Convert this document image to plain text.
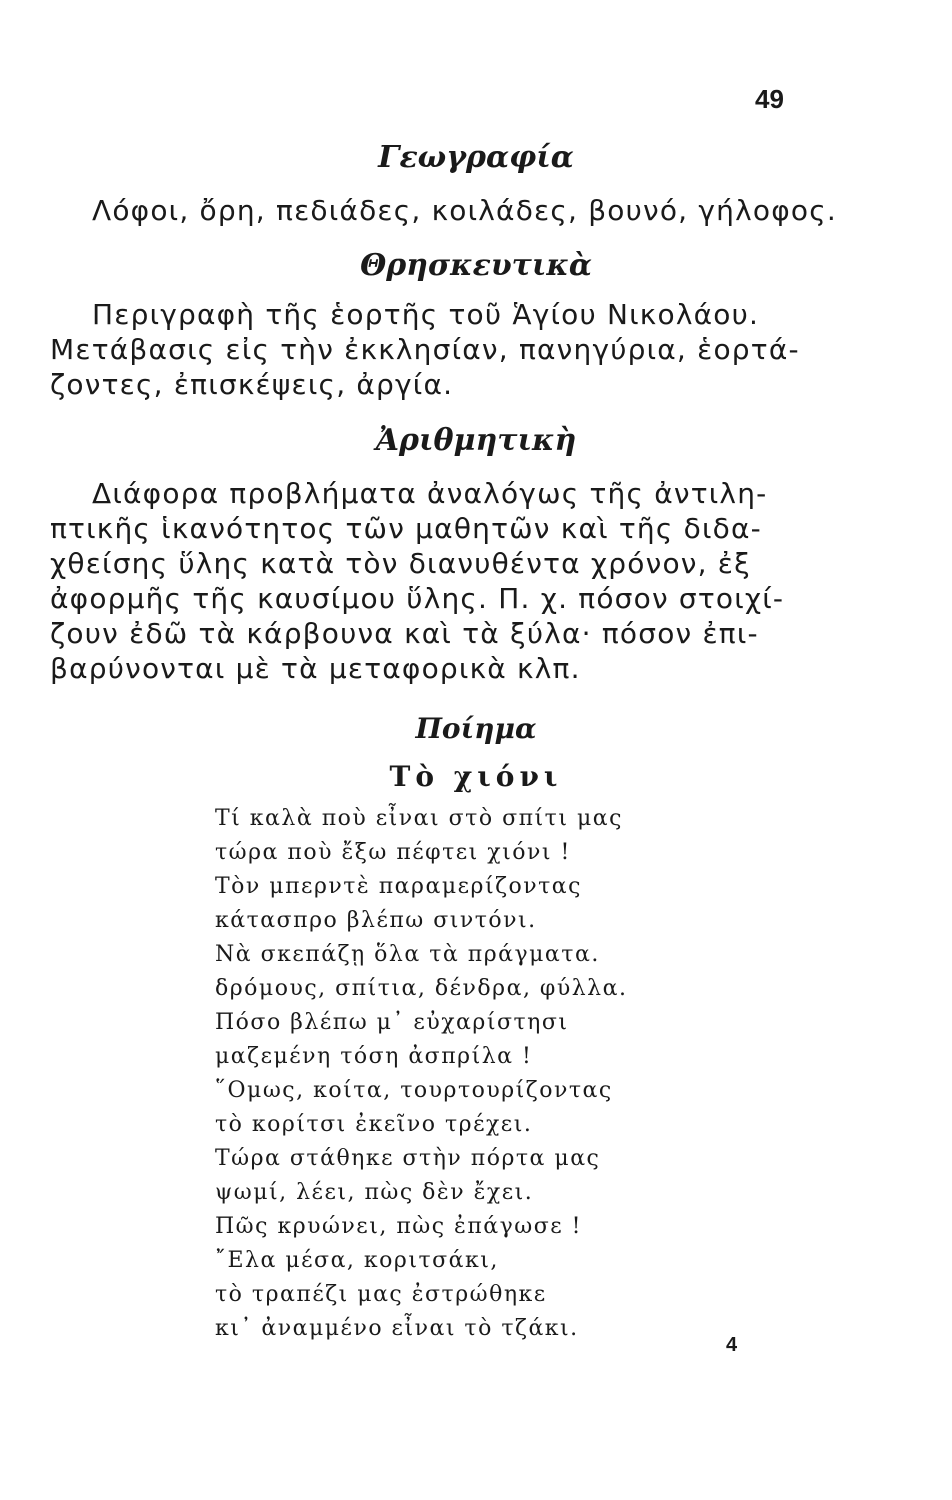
49
Γεωγραφία
Λόφοι, ὄρη, πεδιάδες, κοιλάδες, βουνό, γήλοφος.
Θρησκευτικὰ
Περιγραφὴ τῆς ἑορτῆς τοῦ Ἁγίου Νικολάου.
Μετάβασις εἰς τὴν ἐκκλησίαν, πανηγύρια, ἑορτά-
ζοντες, ἐπισκέψεις, ἀργία.
Ἀριθμητικὴ
Διάφορα προβλήματα ἀναλόγως τῆς ἀντιλη-
πτικῆς ἱκανότητος τῶν μαθητῶν καὶ τῆς διδα-
χθείσης ὕλης κατὰ τὸν διανυθέντα χρόνον, ἐξ
ἀφορμῆς τῆς καυσίμου ὕλης. Π. χ. πόσον στοιχί-
ζουν ἐδῶ τὰ κάρβουνα καὶ τὰ ξύλα· πόσον ἐπι-
βαρύνονται μὲ τὰ μεταφορικὰ κλπ.
Ποίημα
Τὸ χιόνι
Τί καλὰ ποὺ εἶναι στὸ σπίτι μας
τώρα ποὺ ἔξω πέφτει χιόνι !
Τὸν μπερντὲ παραμερίζοντας
κάτασπρο βλέπω σιντόνι.
Νὰ σκεπάζῃ ὅλα τὰ πράγματα.
δρόμους, σπίτια, δένδρα, φύλλα.
Πόσο βλέπω μ᾽ εὐχαρίστησι
μαζεμένη τόση ἀσπρίλα !
῞Ομως, κοίτα, τουρτουρίζοντας
τὸ κορίτσι ἐκεῖνο τρέχει.
Τώρα στάθηκε στὴν πόρτα μας
ψωμί, λέει, πὼς δὲν ἔχει.
Πῶς κρυώνει, πὼς ἐπάγωσε !
῎Ελα μέσα, κοριτσάκι,
τὸ τραπέζι μας ἐστρώθηκε
κι᾽ ἀναμμένο εἶναι τὸ τζάκι.
4
